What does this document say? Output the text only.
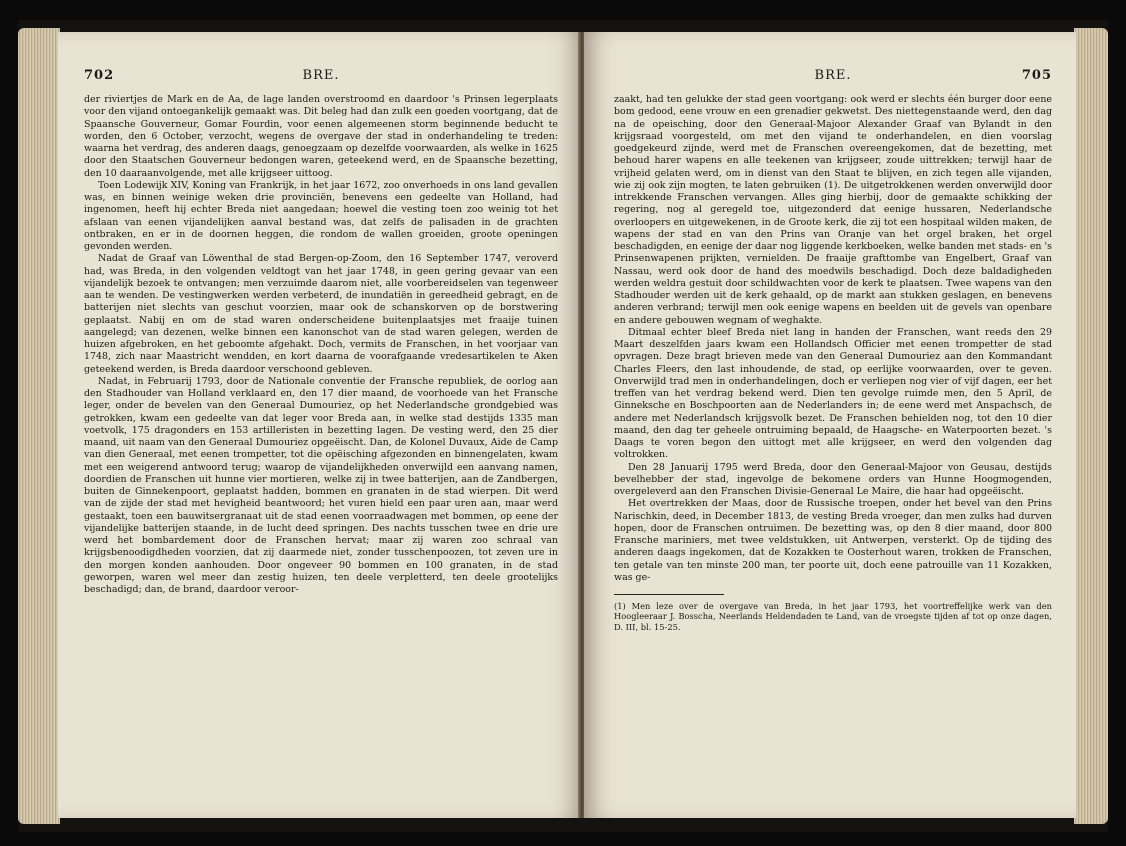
702	BRE.

der riviertjes de Mark en de Aa, de lage landen overstroomd en daardoor 's Prinsen legerplaats voor den vijand ontoegankelijk gemaakt was. Dit beleg had dan zulk een goeden voortgang, dat de Spaansche Gouverneur, Gomar Fourdin, voor eenen algemeenen storm beginnende beducht te worden, den 6 October, verzocht, wegens de overgave der stad in onderhandeling te treden: waarna het verdrag, des anderen daags, genoegzaam op dezelfde voorwaarden, als welke in 1625 door den Staatschen Gouverneur bedongen waren, geteekend werd, en de Spaansche bezetting, den 10 daaraanvolgende, met alle krijgseer uittoog.

Toen Lodewijk XIV, Koning van Frankrijk, in het jaar 1672, zoo onverhoeds in ons land gevallen was, en binnen weinige weken drie provinciën, benevens een gedeelte van Holland, had ingenomen, heeft hij echter Breda niet aangedaan; hoewel die vesting toen zoo weinig tot het afslaan van eenen vijandelijken aanval bestand was, dat zelfs de palisaden in de grachten ontbraken, en er in de doornen heggen, die rondom de wallen groeiden, groote openingen gevonden werden.

Nadat de Graaf van Löwenthal de stad Bergen-op-Zoom, den 16 September 1747, veroverd had, was Breda, in den volgenden veldtogt van het jaar 1748, in geen gering gevaar van een vijandelijk bezoek te ontvangen; men verzuimde daarom niet, alle voorbereidselen van tegenweer aan te wenden. De vestingwerken werden verbeterd, de inundatiën in gereedheid gebragt, en de batterijen niet slechts van geschut voorzien, maar ook de schanskorven op de borstwering geplaatst. Nabij en om de stad waren onderscheidene buitenplaatsjes met fraaije tuinen aangelegd; van dezenen, welke binnen een kanonschot van de stad waren gelegen, werden de huizen afgebroken, en het geboomte afgehakt. Doch, vermits de Franschen, in het voorjaar van 1748, zich naar Maastricht wendden, en kort daarna de voorafgaande vredesartikelen te Aken geteekend werden, is Breda daardoor verschoond gebleven.

Nadat, in Februarij 1793, door de Nationale conventie der Fransche republiek, de oorlog aan den Stadhouder van Holland verklaard en, den 17 dier maand, de voorhoede van het Fransche leger, onder de bevelen van den Generaal Dumouriez, op het Nederlandsche grondgebied was getrokken, kwam een gedeelte van dat leger voor Breda aan, in welke stad destijds 1335 man voetvolk, 175 dragonders en 153 artilleristen in bezetting lagen. De vesting werd, den 25 dier maand, uit naam van den Generaal Dumouriez opgeëischt. Dan, de Kolonel Duvaux, Aide de Camp van dien Generaal, met eenen trompetter, tot die opëisching afgezonden en binnengelaten, kwam met een weigerend antwoord terug; waarop de vijandelijkheden onverwijld een aanvang namen, doordien de Franschen uit hunne vier mortieren, welke zij in twee batterijen, aan de Zandbergen, buiten de Ginnekenpoort, geplaatst hadden, bommen en granaten in de stad wierpen. Dit werd van de zijde der stad met hevigheid beantwoord; het vuren hield een paar uren aan, maar werd gestaakt, toen een bauwitsergranaat uit de stad eenen voorraadwagen met bommen, op eene der vijandelijke batterijen staande, in de lucht deed springen. Des nachts tusschen twee en drie ure werd het bombardement door de Franschen hervat; maar zij waren zoo schraal van krijgsbenoodigdheden voorzien, dat zij daarmede niet, zonder tusschenpoozen, tot zeven ure in den morgen konden aanhouden. Door ongeveer 90 bommen en 100 granaten, in de stad geworpen, waren wel meer dan zestig huizen, ten deele verpletterd, ten deele grootelijks beschadigd; dan, de brand, daardoor veroor-

BRE.	705

zaakt, had ten gelukke der stad geen voortgang: ook werd er slechts één burger door eene bom gedood, eene vrouw en een grenadier gekwetst. Des niettegenstaande werd, den dag na de opeisching, door den Generaal-Majoor Alexander Graaf van Bylandt in den krijgsraad voorgesteld, om met den vijand te onderhandelen, en dien voorslag goedgekeurd zijnde, werd met de Franschen overeengekomen, dat de bezetting, met behoud harer wapens en alle teekenen van krijgseer, zoude uittrekken; terwijl haar de vrijheid gelaten werd, om in dienst van den Staat te blijven, en zich tegen alle vijanden, wie zij ook zijn mogten, te laten gebruiken (1). De uitgetrokkenen werden onverwijld door intrekkende Franschen vervangen. Alles ging hierbij, door de gemaakte schikking der regering, nog al geregeld toe, uitgezonderd dat eenige hussaren, Nederlandsche overloopers en uitgewekenen, in de Groote kerk, die zij tot een hospitaal wilden maken, de wapens der stad en van den Prins van Oranje van het orgel braken, het orgel beschadigden, en eenige der daar nog liggende kerkboeken, welke banden met stads- en 's Prinsenwapenen prijkten, vernielden. De fraaije grafttombe van Engelbert, Graaf van Nassau, werd ook door de hand des moedwils beschadigd. Doch deze baldadigheden werden weldra gestuit door schildwachten voor de kerk te plaatsen. Twee wapens van den Stadhouder werden uit de kerk gehaald, op de markt aan stukken geslagen, en benevens anderen verbrand; terwijl men ook eenige wapens en beelden uit de gevels van openbare en andere gebouwen wegnam of weghakte.

Ditmaal echter bleef Breda niet lang in handen der Franschen, want reeds den 29 Maart deszelfden jaars kwam een Hollandsch Officier met eenen trompetter de stad opvragen. Deze bragt brieven mede van den Generaal Dumouriez aan den Kommandant Charles Fleers, den last inhoudende, de stad, op eerlijke voorwaarden, over te geven. Onverwijld trad men in onderhandelingen, doch er verliepen nog vier of vijf dagen, eer het treffen van het verdrag bekend werd. Dien ten gevolge ruimde men, den 5 April, de Ginneksche en Boschpoorten aan de Nederlanders in; de eene werd met Anspachsch, de andere met Nederlandsch krijgsvolk bezet. De Franschen behielden nog, tot den 10 dier maand, den dag ter geheele ontruiming bepaald, de Haagsche- en Waterpoorten bezet. 's Daags te voren begon den uittogt met alle krijgseer, en werd den volgenden dag voltrokken.

Den 28 Januarij 1795 werd Breda, door den Generaal-Majoor von Geusau, destijds bevelhebber der stad, ingevolge de bekomene orders van Hunne Hoogmogenden, overgeleverd aan den Franschen Divisie-Generaal Le Maire, die haar had opgeëischt.

Het overtrekken der Maas, door de Russische troepen, onder het bevel van den Prins Narischkin, deed, in December 1813, de vesting Breda vroeger, dan men zulks had durven hopen, door de Franschen ontruimen. De bezetting was, op den 8 dier maand, door 800 Fransche mariniers, met twee veldstukken, uit Antwerpen, versterkt. Op de tijding des anderen daags ingekomen, dat de Kozakken te Oosterhout waren, trokken de Franschen, ten getale van ten minste 200 man, ter poorte uit, doch eene patrouille van 11 Kozakken, was ge-

(1) Men leze over de overgave van Breda, in het jaar 1793, het voortreffelijke werk van den Hoogleeraar J. Bosscha, Neerlands Heldendaden te Land, van de vroegste tijden af tot op onze dagen, D. III, bl. 15-25.
